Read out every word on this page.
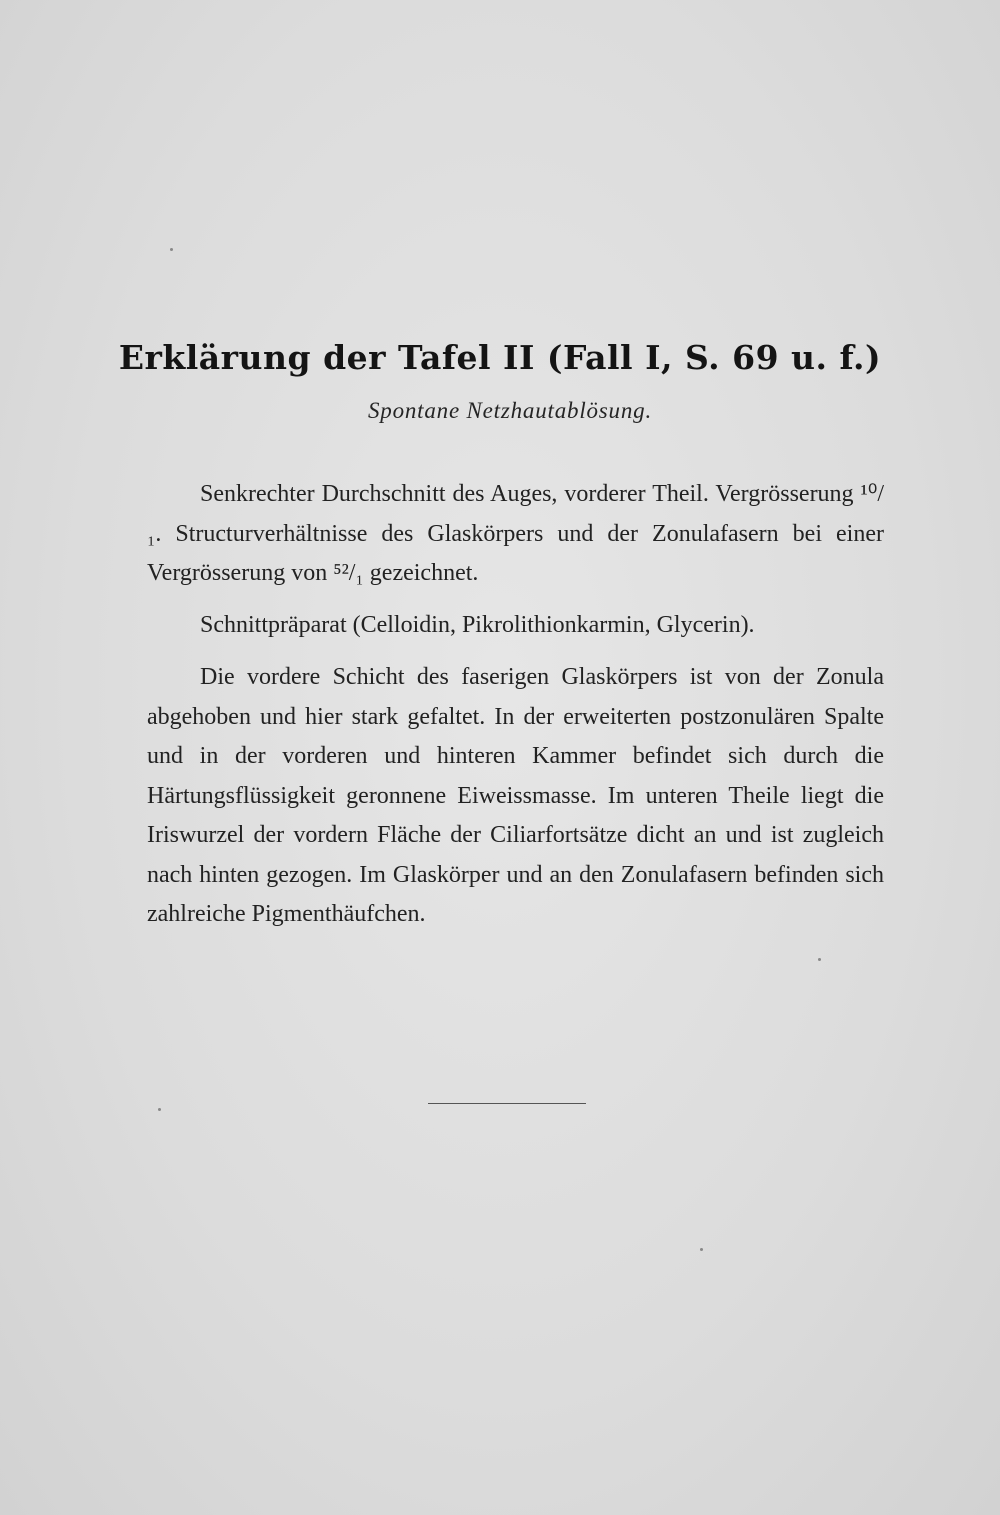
Erklärung der Tafel II (Fall I, S. 69 u. f.)
Spontane Netzhautablösung.

Senkrechter Durchschnitt des Auges, vorderer Theil. Vergrösserung ¹⁰/₁. Structurverhältnisse des Glaskörpers und der Zonulafasern bei einer Vergrösserung von ⁵²/₁ gezeichnet.

Schnittpräparat (Celloidin, Pikrolithionkarmin, Glycerin).

Die vordere Schicht des faserigen Glaskörpers ist von der Zonula abgehoben und hier stark gefaltet. In der erweiterten postzonulären Spalte und in der vorderen und hinteren Kammer befindet sich durch die Härtungsflüssigkeit geronnene Eiweissmasse. Im unteren Theile liegt die Iriswurzel der vordern Fläche der Ciliarfortsätze dicht an und ist zugleich nach hinten gezogen. Im Glaskörper und an den Zonulafasern befinden sich zahlreiche Pigmenthäufchen.
